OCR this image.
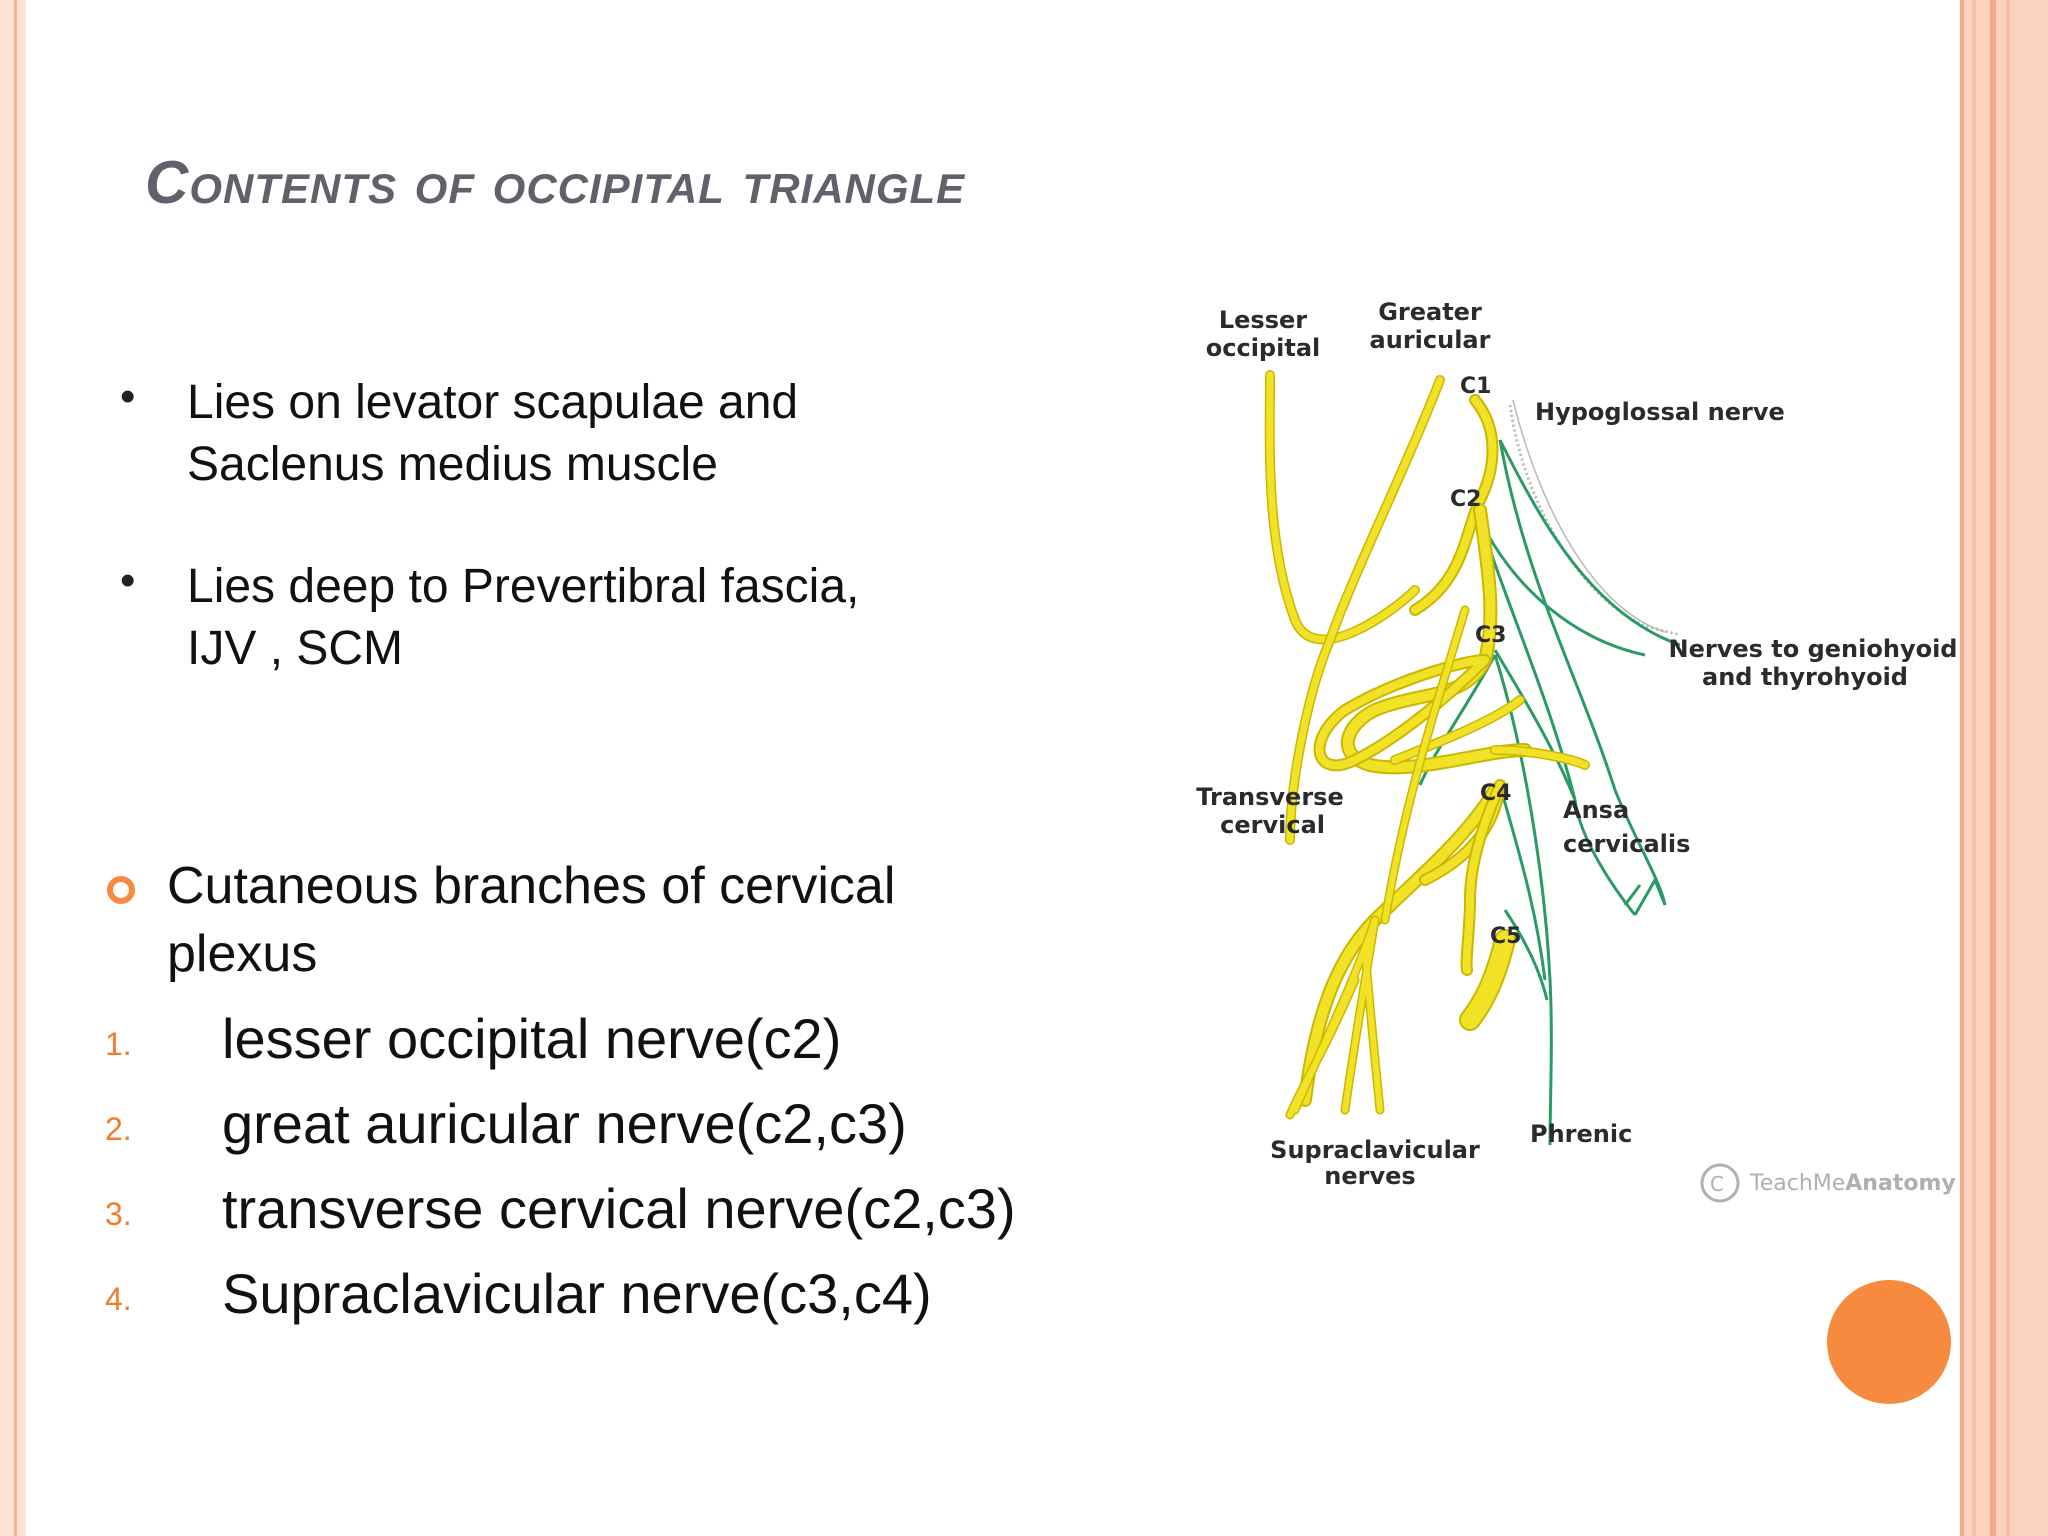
Contents of occipital triangle
• Lies on levator scapulae and
Saclenus medius muscle
• Lies deep to Prevertibral fascia,
IJV , SCM
Cutaneous branches of cervical plexus
1. lesser occipital nerve(c2)
2. great auricular nerve(c2,c3)
3. transverse cervical nerve(c2,c3)
4. Supraclavicular nerve(c3,c4)
Lesser
occipital
Greater
auricular
C1
Hypoglossal nerve
C2
C3	Nerves to geniohyoid
and thyrohyoid
Transverse
cervical
C4
Ansa
cervicalis
C5
Supraclavicular
nerves
Phrenic
C TeachMeAnatomy
